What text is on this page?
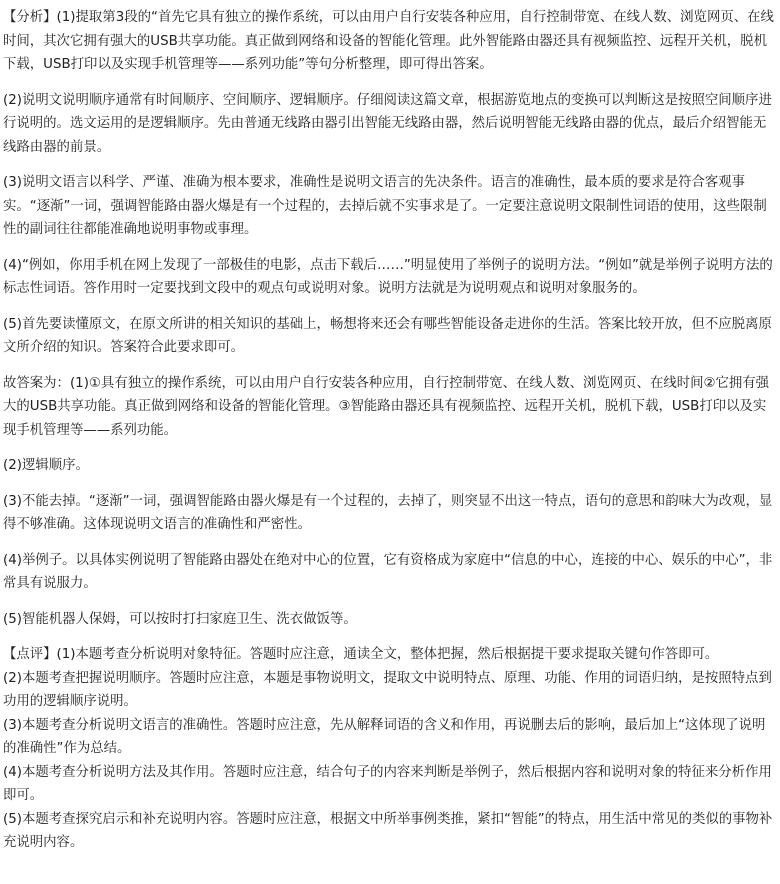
【分析】(1)提取第3段的“首先它具有独立的操作系统，可以由用户自行安装各种应用，自行控制带宽、在线人数、浏览网页、在线时间，其次它拥有强大的USB共享功能。真正做到网络和设备的智能化管理。此外智能路由器还具有视频监控、远程开关机，脱机下载，USB打印以及实现手机管理等——系列功能”等句分析整理，即可得出答案。

(2)说明文说明顺序通常有时间顺序、空间顺序、逻辑顺序。仔细阅读这篇文章，根据游览地点的变换可以判断这是按照空间顺序进行说明的。选文运用的是逻辑顺序。先由普通无线路由器引出智能无线路由器，然后说明智能无线路由器的优点，最后介绍智能无线路由器的前景。

(3)说明文语言以科学、严谨、准确为根本要求，准确性是说明文语言的先决条件。语言的准确性，最本质的要求是符合客观事实。“逐渐”一词，强调智能路由器火爆是有一个过程的，去掉后就不实事求是了。一定要注意说明文限制性词语的使用，这些限制性的副词往往都能准确地说明事物或事理。

(4)“例如，你用手机在网上发现了一部极佳的电影，点击下载后……”明显使用了举例子的说明方法。“例如”就是举例子说明方法的标志性词语。答作用时一定要找到文段中的观点句或说明对象。说明方法就是为说明观点和说明对象服务的。

(5)首先要读懂原文，在原文所讲的相关知识的基础上，畅想将来还会有哪些智能设备走进你的生活。答案比较开放，但不应脱离原文所介绍的知识。答案符合此要求即可。

故答案为：(1)①具有独立的操作系统，可以由用户自行安装各种应用，自行控制带宽、在线人数、浏览网页、在线时间②它拥有强大的USB共享功能。真正做到网络和设备的智能化管理。③智能路由器还具有视频监控、远程开关机，脱机下载，USB打印以及实现手机管理等——系列功能。

(2)逻辑顺序。

(3)不能去掉。“逐渐”一词，强调智能路由器火爆是有一个过程的，去掉了，则突显不出这一特点，语句的意思和韵味大为改观，显得不够准确。这体现说明文语言的准确性和严密性。

(4)举例子。以具体实例说明了智能路由器处在绝对中心的位置，它有资格成为家庭中“信息的中心，连接的中心、娱乐的中心”，非常具有说服力。

(5)智能机器人保姆，可以按时打扫家庭卫生、洗衣做饭等。

【点评】(1)本题考查分析说明对象特征。答题时应注意，通读全文，整体把握，然后根据提干要求提取关键句作答即可。

(2)本题考查把握说明顺序。答题时应注意，本题是事物说明文，提取文中说明特点、原理、功能、作用的词语归纳，是按照特点到功用的逻辑顺序说明。

(3)本题考查分析说明文语言的准确性。答题时应注意，先从解释词语的含义和作用，再说删去后的影响，最后加上“这体现了说明的准确性”作为总结。

(4)本题考查分析说明方法及其作用。答题时应注意，结合句子的内容来判断是举例子，然后根据内容和说明对象的特征来分析作用即可。

(5)本题考查探究启示和补充说明内容。答题时应注意，根据文中所举事例类推，紧扣“智能”的特点，用生活中常见的类似的事物补充说明内容。
